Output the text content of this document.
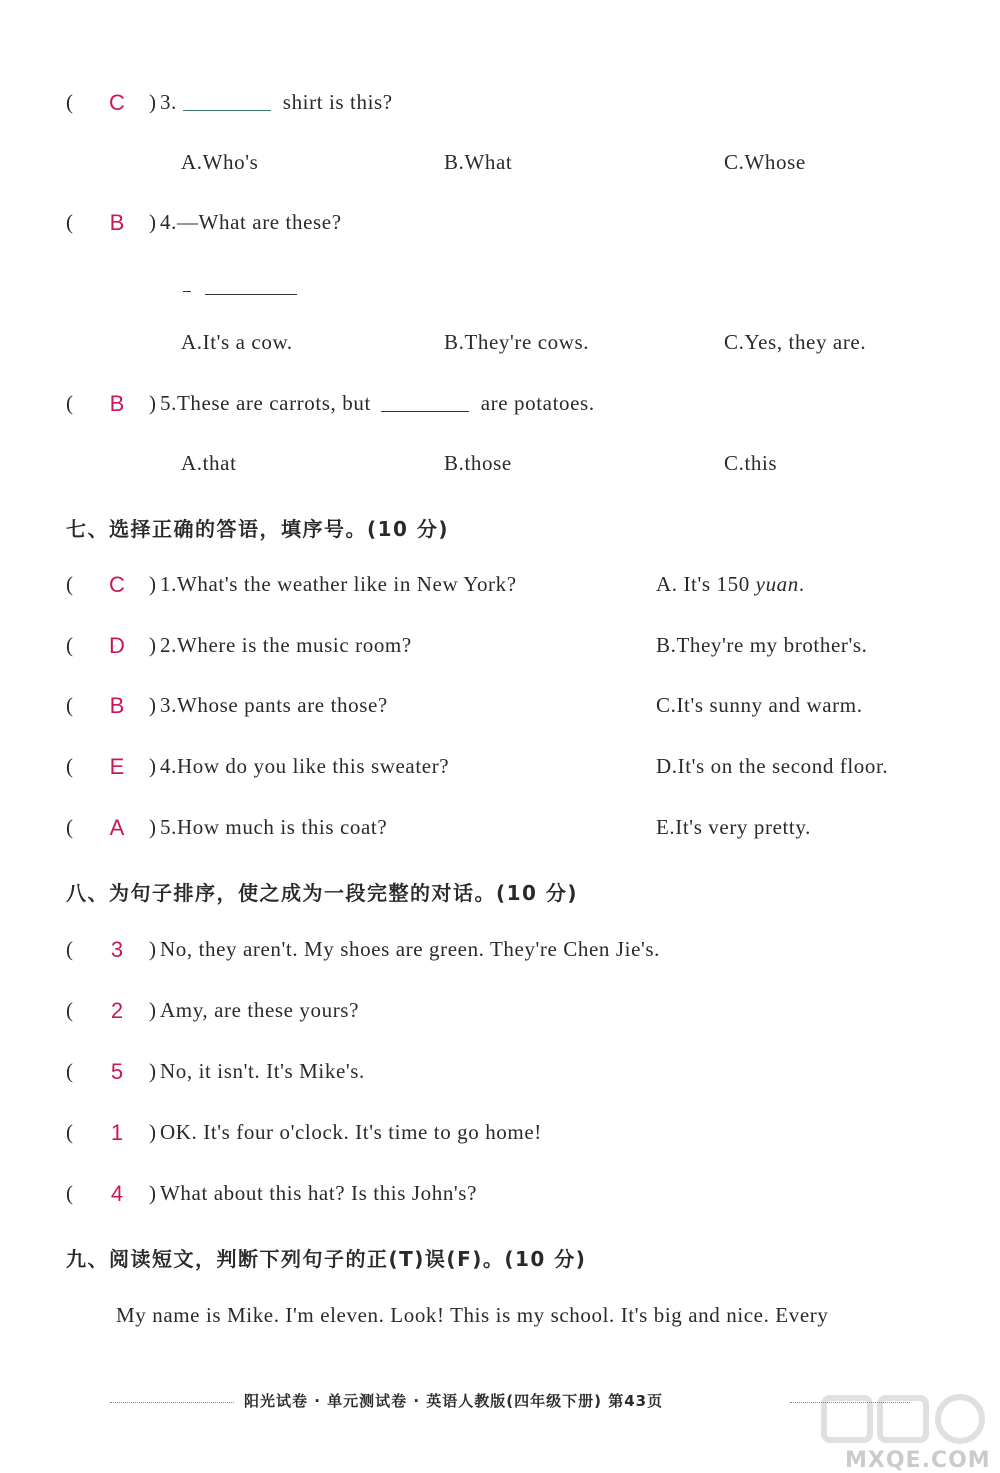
(	C	) 3.	shirt is this?
A.Who's	B.What	C.Whose
(	B	) 4.—What are these?
A.It's a cow.	B.They're cows.	C.Yes, they are.
(	B	) 5.These are carrots, but	are potatoes.
A.that	B.those	C.this
七、选择正确的答语，填序号。(10 分)
(	C	) 1.What's the weather like in New York?	A. It's 150 yuan.
(	D	) 2.Where is the music room?	B.They're my brother's.
(	B	) 3.Whose pants are those?	C.It's sunny and warm.
(	E	) 4.How do you like this sweater?	D.It's on the second floor.
(	A	) 5.How much is this coat?	E.It's very pretty.
八、为句子排序，使之成为一段完整的对话。(10 分)
(	3	) No, they aren't. My shoes are green. They're Chen Jie's.
(	2	) Amy, are these yours?
(	5	) No, it isn't. It's Mike's.
(	1	) OK. It's four o'clock. It's time to go home!
(	4	) What about this hat? Is this John's?
九、阅读短文，判断下列句子的正(T)误(F)。(10 分)
My name is Mike. I'm eleven. Look! This is my school. It's big and nice. Every
阳光试卷 · 单元测试卷 · 英语人教版(四年级下册) 第43页
MXQE.COM
